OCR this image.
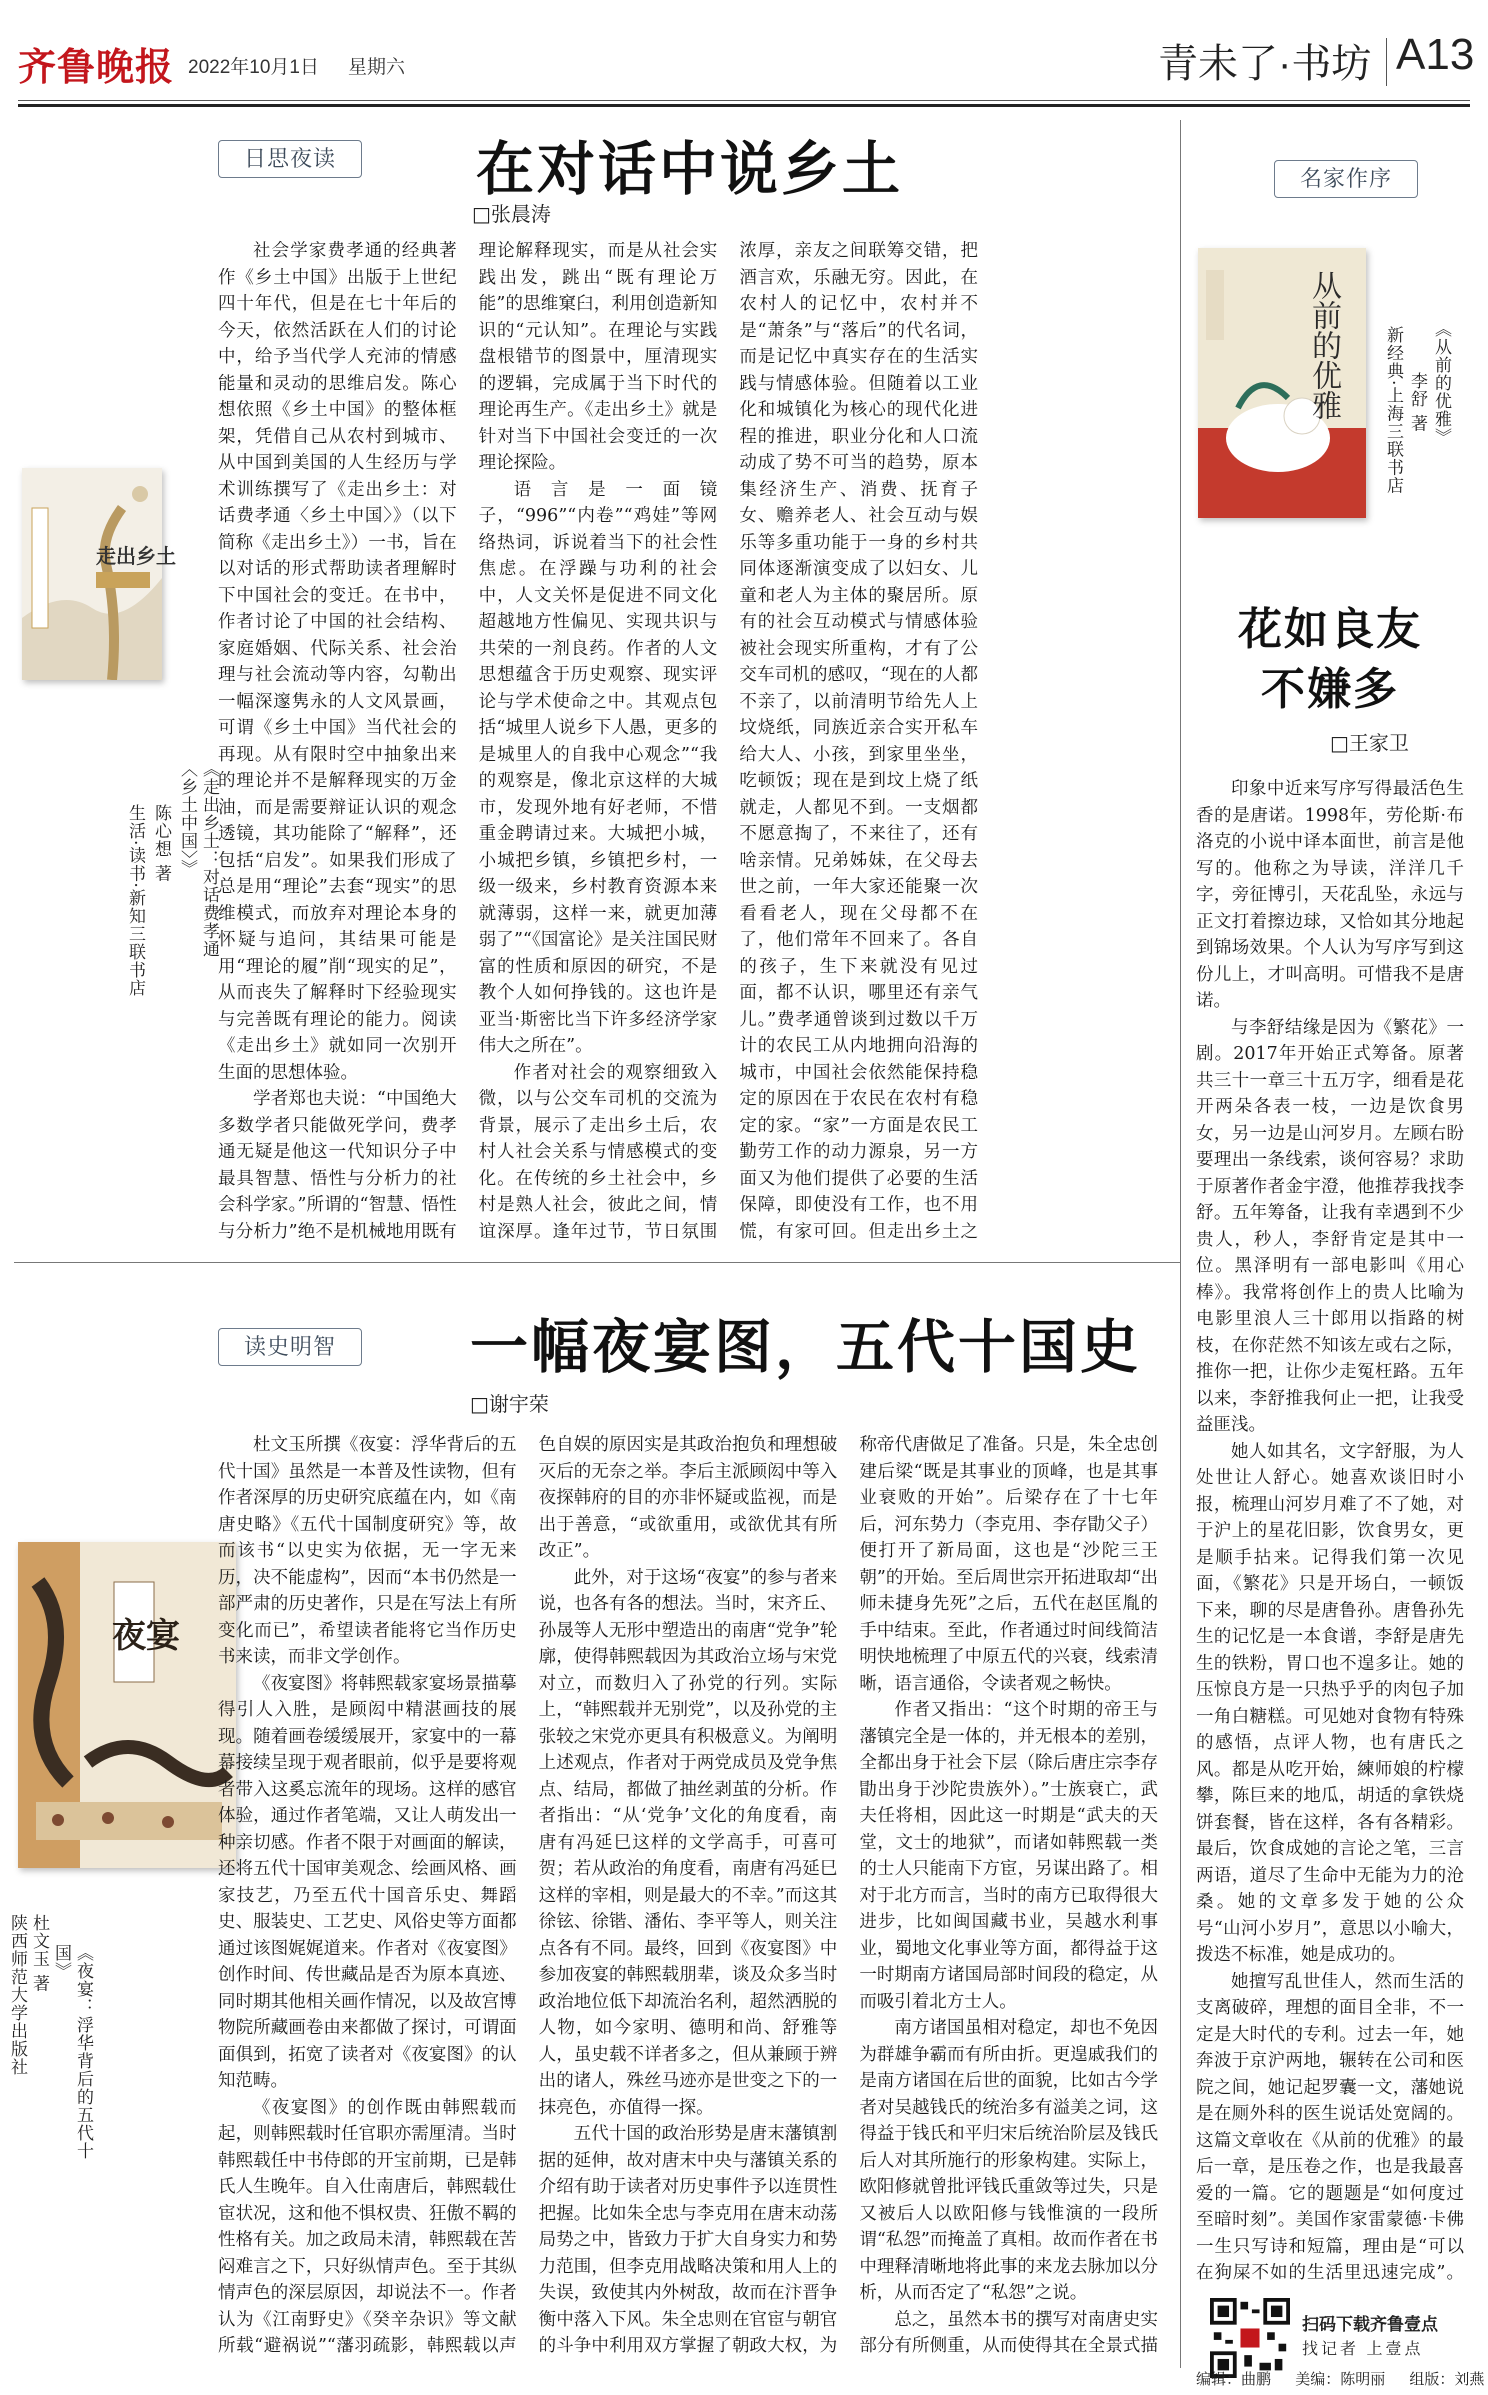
齐鲁晚报 2022年10月1日 星期六	青未了·书坊 A13
日思夜读	在对话中说乡土
□张晨涛
走出乡土
《走出乡土：对话费孝通〈乡土中国〉》
陈心想 著
生活·读书·新知三联书店

社会学家费孝通的经典著作《乡土中国》出版于上世纪四十年代，但是在七十年后的今天，依然活跃在人们的讨论中，给予当代学人充沛的情感能量和灵动的思维启发。陈心想依照《乡土中国》的整体框架，凭借自己从农村到城市、从中国到美国的人生经历与学术训练撰写了《走出乡土：对话费孝通〈乡土中国〉》（以下简称《走出乡土》）一书，旨在以对话的形式帮助读者理解时下中国社会的变迁。在书中，作者讨论了中国的社会结构、家庭婚姻、代际关系、社会治理与社会流动等内容，勾勒出一幅深邃隽永的人文风景画，可谓《乡土中国》当代社会的再现。从有限时空中抽象出来的理论并不是解释现实的万金油，而是需要辩证认识的观念透镜，其功能除了“解释”，还包括“启发”。如果我们形成了总是用“理论”去套“现实”的思维模式，而放弃对理论本身的怀疑与追问，其结果可能是用“理论的履”削“现实的足”，从而丧失了解释时下经验现实与完善既有理论的能力。阅读《走出乡土》就如同一次别开生面的思想体验。

学者郑也夫说：“中国绝大多数学者只能做死学问，费孝通无疑是他这一代知识分子中最具智慧、悟性与分析力的社会科学家。”所谓的“智慧、悟性与分析力”绝不是机械地用既有理论解释现实，而是从社会实践出发，跳出“既有理论万能”的思维窠臼，利用创造新知识的“元认知”。在理论与实践盘根错节的图景中，厘清现实的逻辑，完成属于当下时代的理论再生产。《走出乡土》就是针对当下中国社会变迁的一次理论探险。

语言是一面镜子，“996”“内卷”“鸡娃”等网络热词，诉说着当下的社会性焦虑。在浮躁与功利的社会中，人文关怀是促进不同文化超越地方性偏见、实现共识与共荣的一剂良药。作者的人文思想蕴含于历史观察、现实评论与学术使命之中。其观点包括“城里人说乡下人愚，更多的是城里人的自我中心观念”“我的观察是，像北京这样的大城市，发现外地有好老师，不惜重金聘请过来。大城把小城，小城把乡镇，乡镇把乡村，一级一级来，乡村教育资源本来就薄弱，这样一来，就更加薄弱了”“《国富论》是关注国民财富的性质和原因的研究，不是教个人如何挣钱的。这也许是亚当·斯密比当下许多经济学家伟大之所在”。

作者对社会的观察细致入微，以与公交车司机的交流为背景，展示了走出乡土后，农村人社会关系与情感模式的变化。在传统的乡土社会中，乡村是熟人社会，彼此之间，情谊深厚。逢年过节，节日氛围浓厚，亲友之间联筹交错，把酒言欢，乐融无穷。因此，在农村人的记忆中，农村并不是“萧条”与“落后”的代名词，而是记忆中真实存在的生活实践与情感体验。但随着以工业化和城镇化为核心的现代化进程的推进，职业分化和人口流动成了势不可当的趋势，原本集经济生产、消费、抚育子女、赡养老人、社会互动与娱乐等多重功能于一身的乡村共同体逐渐演变成了以妇女、儿童和老人为主体的聚居所。原有的社会互动模式与情感体验被社会现实所重构，才有了公交车司机的感叹，“现在的人都不亲了，以前清明节给先人上坟烧纸，同族近亲合实开私车给大人、小孩，到家里坐坐，吃顿饭；现在是到坟上烧了纸就走，人都见不到。一支烟都不愿意掏了，不来往了，还有啥亲情。兄弟姊妹，在父母去世之前，一年大家还能聚一次看看老人，现在父母都不在了，他们常年不回来了。各自的孩子，生下来就没有见过面，都不认识，哪里还有亲气儿。”费孝通曾谈到过数以千万计的农民工从内地拥向沿海的城市，中国社会依然能保持稳定的原因在于农民在农村有稳定的家。“家”一方面是农民工勤劳工作的动力源泉，另一方面又为他们提供了必要的生活保障，即使没有工作，也不用慌，有家可回。但走出乡土之

读史明智	一幅夜宴图，五代十国史
□谢宇荣
夜宴
《夜宴：浮华背后的五代十国》
杜文玉 著
陕西师范大学出版社

杜文玉所撰《夜宴：浮华背后的五代十国》虽然是一本普及性读物，但有作者深厚的历史研究底蕴在内，如《南唐史略》《五代十国制度研究》等，故而该书“以史实为依据，无一字无来历，决不能虚构”，因而“本书仍然是一部严肃的历史著作，只是在写法上有所变化而已”，希望读者能将它当作历史书来读，而非文学创作。

《夜宴图》将韩熙载家宴场景描摹得引人入胜，是顾闳中精湛画技的展现。随着画卷缓缓展开，家宴中的一幕幕接续呈现于观者眼前，似乎是要将观者带入这奚忘流年的现场。这样的感官体验，通过作者笔端，又让人萌发出一种亲切感。作者不限于对画面的解读，还将五代十国审美观念、绘画风格、画家技艺，乃至五代十国音乐史、舞蹈史、服装史、工艺史、风俗史等方面都通过该图娓娓道来。作者对《夜宴图》创作时间、传世藏品是否为原本真迹、同时期其他相关画作情况，以及故宫博物院所藏画卷由来都做了探讨，可谓面面俱到，拓宽了读者对《夜宴图》的认知范畴。

《夜宴图》的创作既由韩熙载而起，则韩熙载时任官职亦需厘清。当时韩熙载任中书侍郎的开宝前期，已是韩氏人生晚年。自入仕南唐后，韩熙载仕宦状况，这和他不惧权贵、狂傲不羁的性格有关。加之政局未清，韩熙载在苦闷难言之下，只好纵情声色。至于其纵情声色的深层原因，却说法不一。作者认为《江南野史》《癸辛杂识》等文献所载“避祸说”“藩羽疏影，韩熙载以声色自娱的原因实是其政治抱负和理想破灭后的无奈之举。李后主派顾闳中等入夜探韩府的目的亦非怀疑或监视，而是出于善意，“或欲重用，或欲优其有所改正”。

此外，对于这场“夜宴”的参与者来说，也各有各的想法。当时，宋齐丘、孙晟等人无形中塑造出的南唐“党争”轮廓，使得韩熙载因为其政治立场与宋党对立，而数归入了孙党的行列。实际上，“韩熙载并无别党”，以及孙党的主张较之宋党亦更具有积极意义。为阐明上述观点，作者对于两党成员及党争焦点、结局，都做了抽丝剥茧的分析。作者指出：“从‘党争’文化的角度看，南唐有冯延巳这样的文学高手，可喜可贺；若从政治的角度看，南唐有冯延巳这样的宰相，则是最大的不幸。”而这其徐铉、徐锴、潘佑、李平等人，则关注点各有不同。最终，回到《夜宴图》中参加夜宴的韩熙载朋辈，谈及众多当时政治地位低下却流治名利，超然洒脱的人物，如今家明、德明和尚、舒雅等人，虽史载不详者多之，但从兼顾于辨出的诸人，殊丝马迹亦是世变之下的一抹亮色，亦值得一探。

五代十国的政治形势是唐末藩镇割据的延伸，故对唐末中央与藩镇关系的介绍有助于读者对历史事件予以连贯性把握。比如朱全忠与李克用在唐末动荡局势之中，皆致力于扩大自身实力和势力范围，但李克用战略决策和用人上的失误，致使其内外树敌，故而在汴晋争衡中落入下风。朱全忠则在官宦与朝官的斗争中利用双方掌握了朝政大权，为称帝代唐做足了准备。只是，朱全忠创建后梁“既是其事业的顶峰，也是其事业衰败的开始”。后梁存在了十七年后，河东势力（李克用、李存勖父子）便打开了新局面，这也是“沙陀三王朝”的开始。至后周世宗开拓进取却“出师未捷身先死”之后，五代在赵匡胤的手中结束。至此，作者通过时间线简洁明快地梳理了中原五代的兴衰，线索清晰，语言通俗，令读者观之畅快。

作者又指出：“这个时期的帝王与藩镇完全是一体的，并无根本的差别，全都出身于社会下层（除后唐庄宗李存勖出身于沙陀贵族外）。”士族衰亡，武夫任将相，因此这一时期是“武夫的天堂，文士的地狱”，而诸如韩熙载一类的士人只能南下方宦，另谋出路了。相对于北方而言，当时的南方已取得很大进步，比如闽国藏书业，吴越水利事业，蜀地文化事业等方面，都得益于这一时期南方诸国局部时间段的稳定，从而吸引着北方士人。

南方诸国虽相对稳定，却也不免因为群雄争霸而有所由折。更遑戚我们的是南方诸国在后世的面貌，比如古今学者对吴越钱氏的统治多有溢美之词，这得益于钱氏和平归宋后统治阶层及钱氏后人对其所施行的形象构建。实际上，欧阳修就曾批评钱氏重敛等过失，只是又被后人以欧阳修与钱惟演的一段所谓“私怨”而掩盖了真相。故而作者在书中理释清晰地将此事的来龙去脉加以分析，从而否定了“私怨”之说。

总之，虽然本书的撰写对南唐史实部分有所侧重，从而使得其在全景式描

名家作序
从前的优雅	《从前的优雅》
李舒 著
新经典·上海三联书店
花如良友
不嫌多
□王家卫

印象中近来写序写得最活色生香的是唐诺。1998年，劳伦斯·布洛克的小说中译本面世，前言是他写的。他称之为导读，洋洋几千字，旁征博引，天花乱坠，永远与正文打着擦边球，又恰如其分地起到锦场效果。个人认为写序写到这份儿上，才叫高明。可惜我不是唐诺。

与李舒结缘是因为《繁花》一剧。2017年开始正式筹备。原著共三十一章三十五万字，细看是花开两朵各表一枝，一边是饮食男女，另一边是山河岁月。左顾右盼要理出一条线索，谈何容易？求助于原著作者金宇澄，他推荐我找李舒。五年筹备，让我有幸遇到不少贵人，秒人，李舒肯定是其中一位。黑泽明有一部电影叫《用心棒》。我常将创作上的贵人比喻为电影里浪人三十郎用以指路的树枝，在你茫然不知该左或右之际，推你一把，让你少走冤枉路。五年以来，李舒推我何止一把，让我受益匪浅。

她人如其名，文字舒服，为人处世让人舒心。她喜欢谈旧时小报，梳理山河岁月难了不了她，对于沪上的星花旧影，饮食男女，更是顺手拈来。记得我们第一次见面，《繁花》只是开场白，一顿饭下来，聊的尽是唐鲁孙。唐鲁孙先生的记忆是一本食谱，李舒是唐先生的铁粉，胃口也不遑多让。她的压惊良方是一只热乎乎的肉包子加一角白糖糕。可见她对食物有特殊的感悟，点评人物，也有唐氏之风。都是从吃开始，練师娘的柠檬攀，陈巨来的地瓜，胡适的拿铁烧饼套餐，皆在这样，各有各精彩。最后，饮食成她的言论之笔，三言两语，道尽了生命中无能为力的沧桑。她的文章多发于她的公众号“山河小岁月”，意思以小喻大，拨迭不标准，她是成功的。

她擅写乱世佳人，然而生活的支离破碎，理想的面目全非，不一定是大时代的专利。过去一年，她奔波于京沪两地，辗转在公司和医院之间，她记起罗囊一文，藩她说是在厕外科的医生说话处宽阔的。这篇文章收在《从前的优雅》的最后一章，是压卷之作，也是我最喜爱的一篇。它的题题是“如何度过至暗时刻”。美国作家雷蒙德·卡佛一生只写诗和短篇，理由是“可以在狗屎不如的生活里迅速完成”。

扫码下载齐鲁壹点
找记者 上壹点
编辑：曲鹏 美编：陈明丽 组版：刘燕
